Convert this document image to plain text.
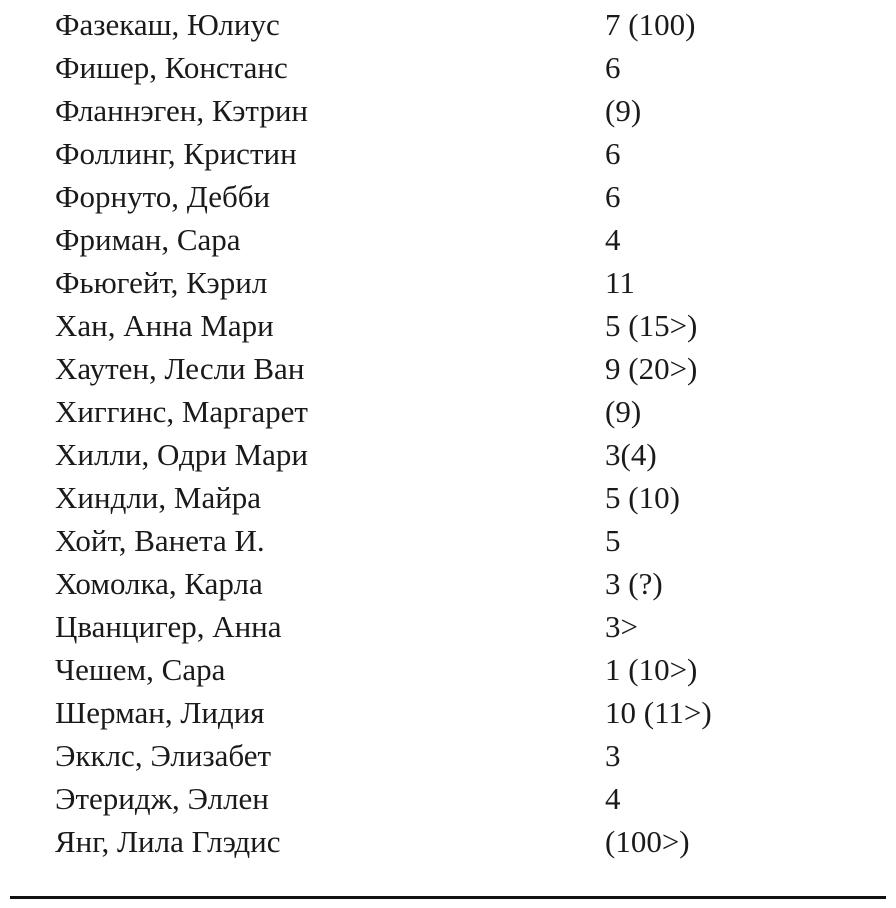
Фазекаш, Юлиус	7 (100)
Фишер, Констанс	6
Фланнэген, Кэтрин	(9)
Фоллинг, Кристин	6
Форнуто, Дебби	6
Фриман, Сара	4
Фьюгейт, Кэрил	11
Хан, Анна Мари	5 (15>)
Хаутен, Лесли Ван	9 (20>)
Хиггинс, Маргарет	(9)
Хилли, Одри Мари	3(4)
Хиндли, Майра	5 (10)
Хойт, Ванета И.	5
Хомолка, Карла	3 (?)
Цванцигер, Анна	3>
Чешем, Сара	1 (10>)
Шерман, Лидия	10 (11>)
Экклс, Элизабет	3
Этеридж, Эллен	4
Янг, Лила Глэдис	(100>)
